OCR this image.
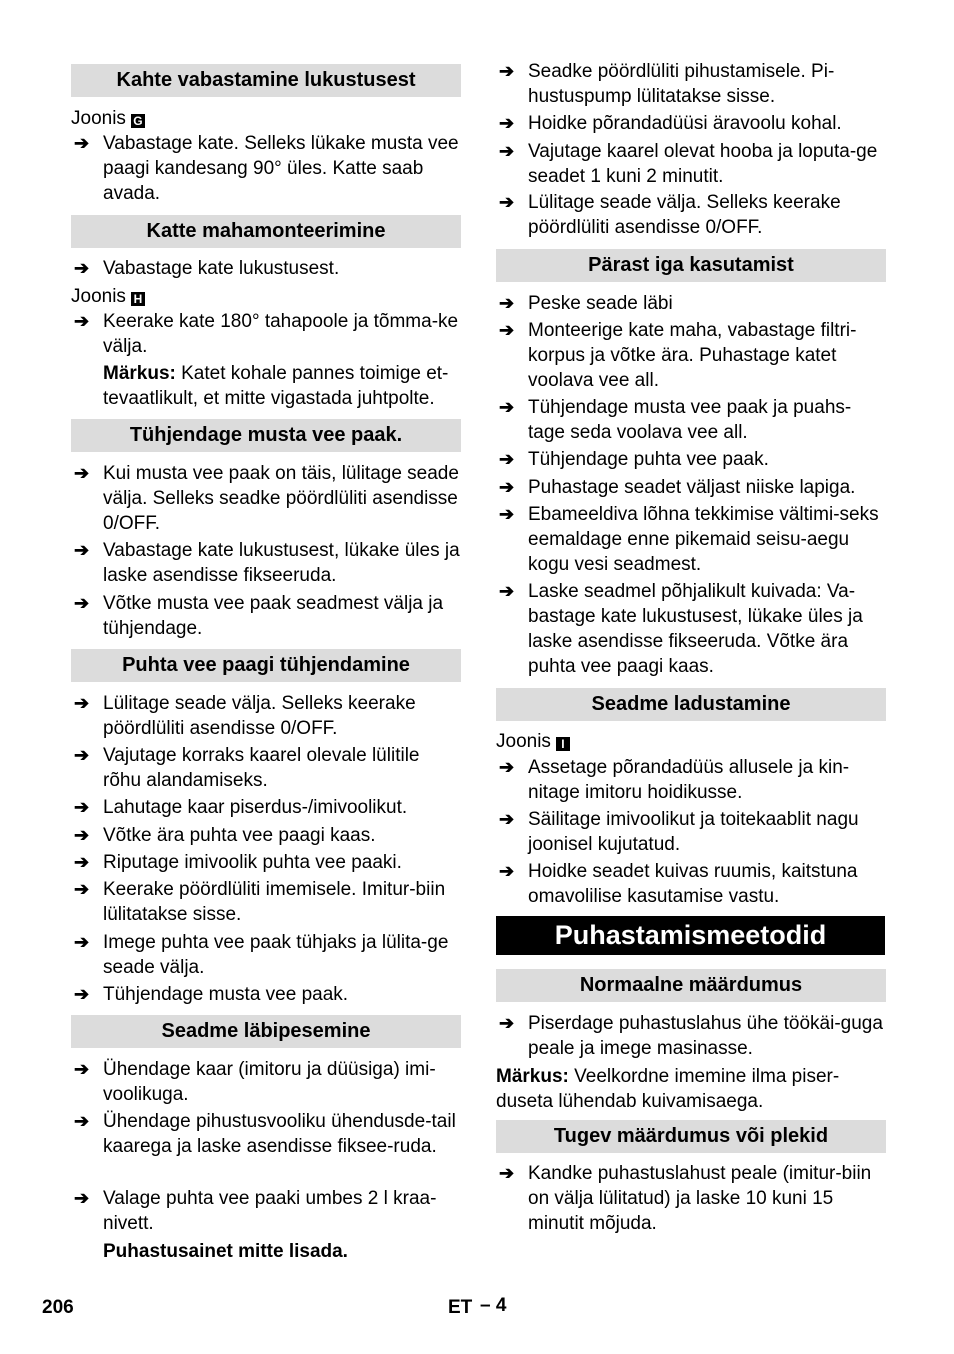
Kahte vabastamine lukustusest
Joonis G
➔ Vabastage kate. Selleks lükake musta vee paagi kandesang 90° üles. Katte saab avada.
Katte mahamonteerimine
➔ Vabastage kate lukustusest.
Joonis H
➔ Keerake kate 180° tahapoole ja tõmma-ke välja.
Märkus: Katet kohale pannes toimige et-tevaatlikult, et mitte vigastada juhtpolte.
Tühjendage musta vee paak.
➔ Kui musta vee paak on täis, lülitage seade välja. Selleks seadke pöördlüliti asendisse 0/OFF.
➔ Vabastage kate lukustusest, lükake üles ja laske asendisse fikseeruda.
➔ Võtke musta vee paak seadmest välja ja tühjendage.
Puhta vee paagi tühjendamine
➔ Lülitage seade välja. Selleks keerake pöördlüliti asendisse 0/OFF.
➔ Vajutage korraks kaarel olevale lülitile rõhu alandamiseks.
➔ Lahutage kaar piserdus-/imivoolikut.
➔ Võtke ära puhta vee paagi kaas.
➔ Riputage imivoolik puhta vee paaki.
➔ Keerake pöördlüliti imemisele. Imitur-biin lülitatakse sisse.
➔ Imege puhta vee paak tühjaks ja lülita-ge seade välja.
➔ Tühjendage musta vee paak.
Seadme läbipesemine
➔ Ühendage kaar (imitoru ja düüsiga) imi-voolikuga.
➔ Ühendage pihustusvooliku ühendusde-tail kaarega ja laske asendisse fiksee-ruda.
➔ Valage puhta vee paaki umbes 2 l kraa-nivett.
Puhastusainet mitte lisada.
➔ Seadke pöördlüliti pihustamisele. Pi-hustuspump lülitatakse sisse.
➔ Hoidke põrandadüüsi äravoolu kohal.
➔ Vajutage kaarel olevat hooba ja loputa-ge seadet 1 kuni 2 minutit.
➔ Lülitage seade välja. Selleks keerake pöördlüliti asendisse 0/OFF.
Pärast iga kasutamist
➔ Peske seade läbi
➔ Monteerige kate maha, vabastage filtri-korpus ja võtke ära. Puhastage katet voolava vee all.
➔ Tühjendage musta vee paak ja puahs-tage seda voolava vee all.
➔ Tühjendage puhta vee paak.
➔ Puhastage seadet väljast niiske lapiga.
➔ Ebameeldiva lõhna tekkimise vältimi-seks eemaldage enne pikemaid seisu-aegu kogu vesi seadmest.
➔ Laske seadmel põhjalikult kuivada: Va-bastage kate lukustusest, lükake üles ja laske asendisse fikseeruda. Võtke ära puhta vee paagi kaas.
Seadme ladustamine
Joonis I
➔ Assetage põrandadüüs allusele ja kin-nitage imitoru hoidikusse.
➔ Säilitage imivoolikut ja toitekaablit nagu joonisel kujutatud.
➔ Hoidke seadet kuivas ruumis, kaitstuna omavolilise kasutamise vastu.
Puhastamismeetodid
Normaalne määrdumus
➔ Piserdage puhastuslahus ühe töökäi-guga peale ja imege masinasse.
Märkus: Veelkordne imemine ilma piser-duseta lühendab kuivamisaega.
Tugev määrdumus või plekid
➔ Kandke puhastuslahust peale (imitur-biin on välja lülitatud) ja laske 10 kuni 15 minutit mõjuda.
206	ET – 4
